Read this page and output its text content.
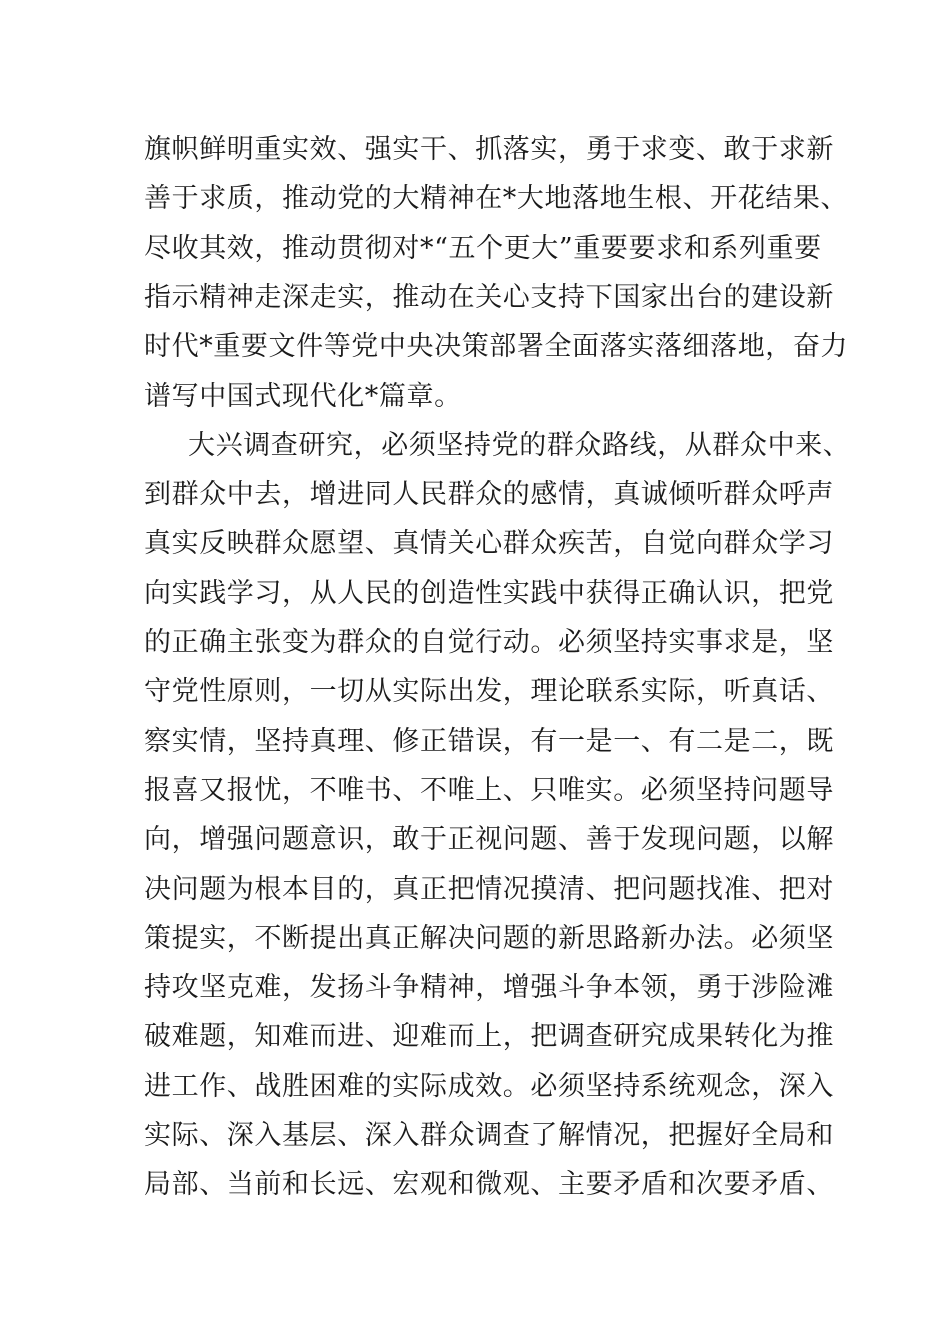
旗帜鲜明重实效、强实干、抓落实，勇于求变、敢于求新
善于求质，推动党的大精神在*大地落地生根、开花结果、
尽收其效，推动贯彻对*“五个更大”重要要求和系列重要
指示精神走深走实，推动在关心支持下国家出台的建设新
时代*重要文件等党中央决策部署全面落实落细落地，奋力
谱写中国式现代化*篇章。
大兴调查研究，必须坚持党的群众路线，从群众中来、
到群众中去，增进同人民群众的感情，真诚倾听群众呼声
真实反映群众愿望、真情关心群众疾苦，自觉向群众学习
向实践学习，从人民的创造性实践中获得正确认识，把党
的正确主张变为群众的自觉行动。必须坚持实事求是，坚
守党性原则，一切从实际出发，理论联系实际，听真话、
察实情，坚持真理、修正错误，有一是一、有二是二，既
报喜又报忧，不唯书、不唯上、只唯实。必须坚持问题导
向，增强问题意识，敢于正视问题、善于发现问题，以解
决问题为根本目的，真正把情况摸清、把问题找准、把对
策提实，不断提出真正解决问题的新思路新办法。必须坚
持攻坚克难，发扬斗争精神，增强斗争本领，勇于涉险滩
破难题，知难而进、迎难而上，把调查研究成果转化为推
进工作、战胜困难的实际成效。必须坚持系统观念，深入
实际、深入基层、深入群众调查了解情况，把握好全局和
局部、当前和长远、宏观和微观、主要矛盾和次要矛盾、
